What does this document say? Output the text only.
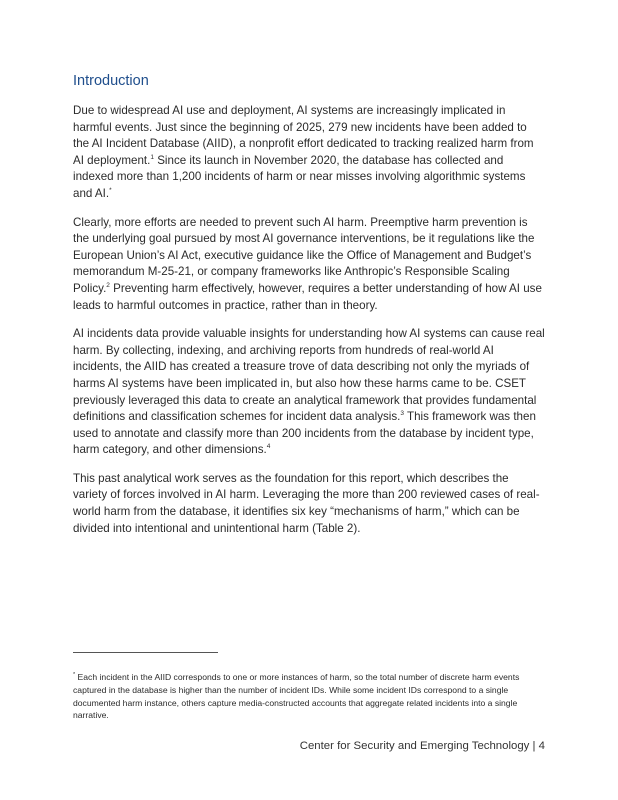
Introduction

Due to widespread AI use and deployment, AI systems are increasingly implicated in harmful events. Just since the beginning of 2025, 279 new incidents have been added to the AI Incident Database (AIID), a nonprofit effort dedicated to tracking realized harm from AI deployment.$^1$ Since its launch in November 2020, the database has collected and indexed more than 1,200 incidents of harm or near misses involving algorithmic systems and AI.*

Clearly, more efforts are needed to prevent such AI harm. Preemptive harm prevention is the underlying goal pursued by most AI governance interventions, be it regulations like the European Union’s AI Act, executive guidance like the Office of Management and Budget’s memorandum M-25-21, or company frameworks like Anthropic’s Responsible Scaling Policy.$^2$ Preventing harm effectively, however, requires a better understanding of how AI use leads to harmful outcomes in practice, rather than in theory.

AI incidents data provide valuable insights for understanding how AI systems can cause real harm. By collecting, indexing, and archiving reports from hundreds of real-world AI incidents, the AIID has created a treasure trove of data describing not only the myriads of harms AI systems have been implicated in, but also how these harms came to be. CSET previously leveraged this data to create an analytical framework that provides fundamental definitions and classification schemes for incident data analysis.$^3$ This framework was then used to annotate and classify more than 200 incidents from the database by incident type, harm category, and other dimensions.$^4$

This past analytical work serves as the foundation for this report, which describes the variety of forces involved in AI harm. Leveraging the more than 200 reviewed cases of real-world harm from the database, it identifies six key “mechanisms of harm,” which can be divided into intentional and unintentional harm (Table 2).

* Each incident in the AIID corresponds to one or more instances of harm, so the total number of discrete harm events captured in the database is higher than the number of incident IDs. While some incident IDs correspond to a single documented harm instance, others capture media-constructed accounts that aggregate related incidents into a single narrative.

Center for Security and Emerging Technology | 4
